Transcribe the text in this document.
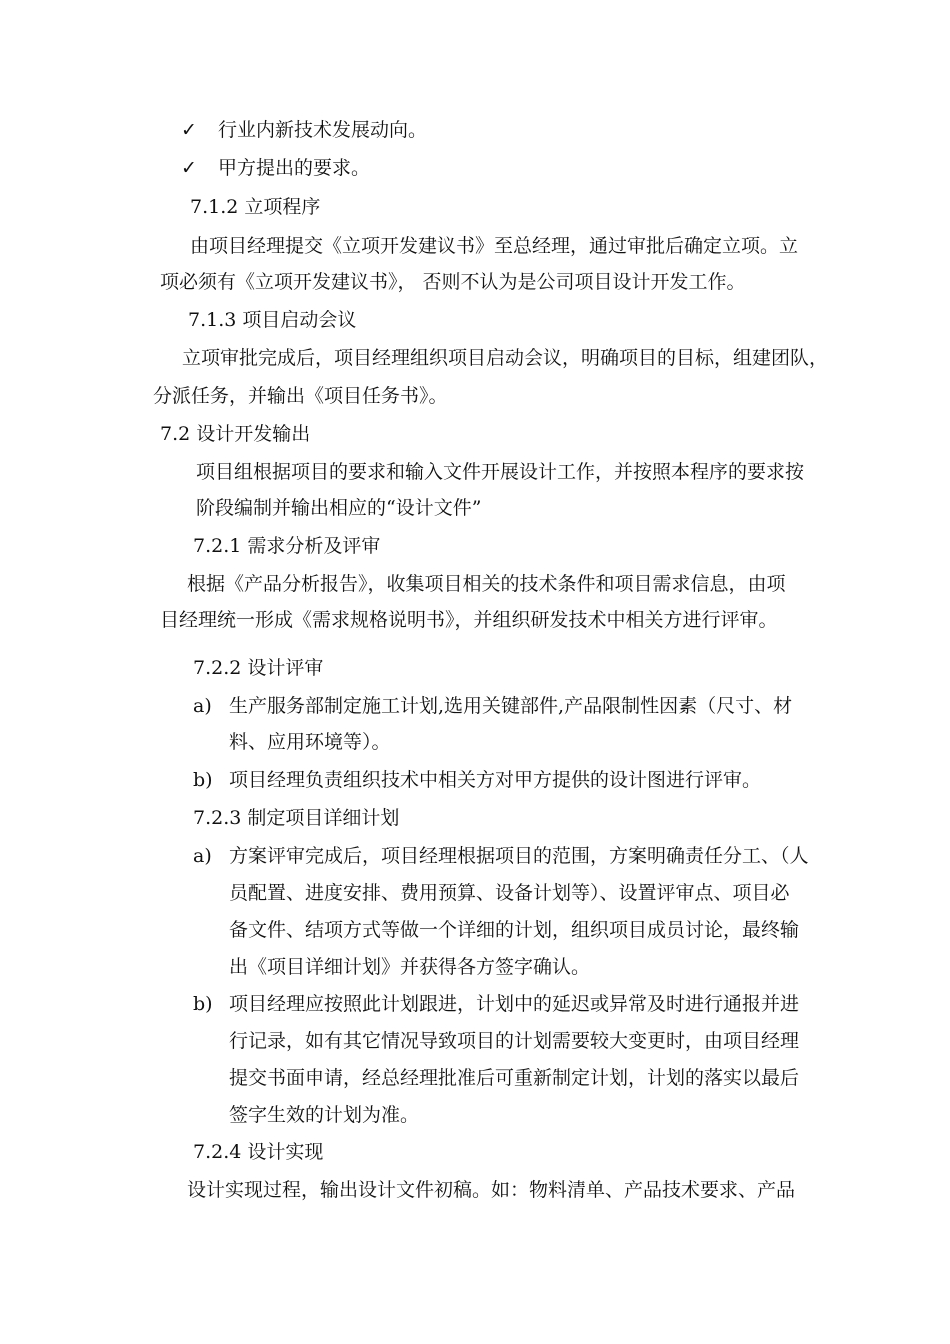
✓ 行业内新技术发展动向。
✓ 甲方提出的要求。
7.1.2 立项程序
由项目经理提交《立项开发建议书》至总经理，通过审批后确定立项。立
项必须有《立项开发建议书》， 否则不认为是公司项目设计开发工作。
7.1.3 项目启动会议
立项审批完成后，项目经理组织项目启动会议，明确项目的目标，组建团队，
分派任务，并输出《项目任务书》。
7.2 设计开发输出
项目组根据项目的要求和输入文件开展设计工作，并按照本程序的要求按
阶段编制并输出相应的“设计文件”
7.2.1 需求分析及评审
根据《产品分析报告》，收集项目相关的技术条件和项目需求信息，由项
目经理统一形成《需求规格说明书》，并组织研发技术中相关方进行评审。
7.2.2 设计评审
a) 生产服务部制定施工计划,选用关键部件,产品限制性因素（尺寸、材
料、应用环境等）。
b) 项目经理负责组织技术中相关方对甲方提供的设计图进行评审。
7.2.3 制定项目详细计划
a) 方案评审完成后，项目经理根据项目的范围，方案明确责任分工、（人
员配置、进度安排、费用预算、设备计划等）、设置评审点、项目必
备文件、结项方式等做一个详细的计划，组织项目成员讨论，最终输
出《项目详细计划》并获得各方签字确认。
b) 项目经理应按照此计划跟进，计划中的延迟或异常及时进行通报并进
行记录，如有其它情况导致项目的计划需要较大变更时，由项目经理
提交书面申请，经总经理批准后可重新制定计划，计划的落实以最后
签字生效的计划为准。
7.2.4 设计实现
设计实现过程，输出设计文件初稿。如：物料清单、产品技术要求、产品
